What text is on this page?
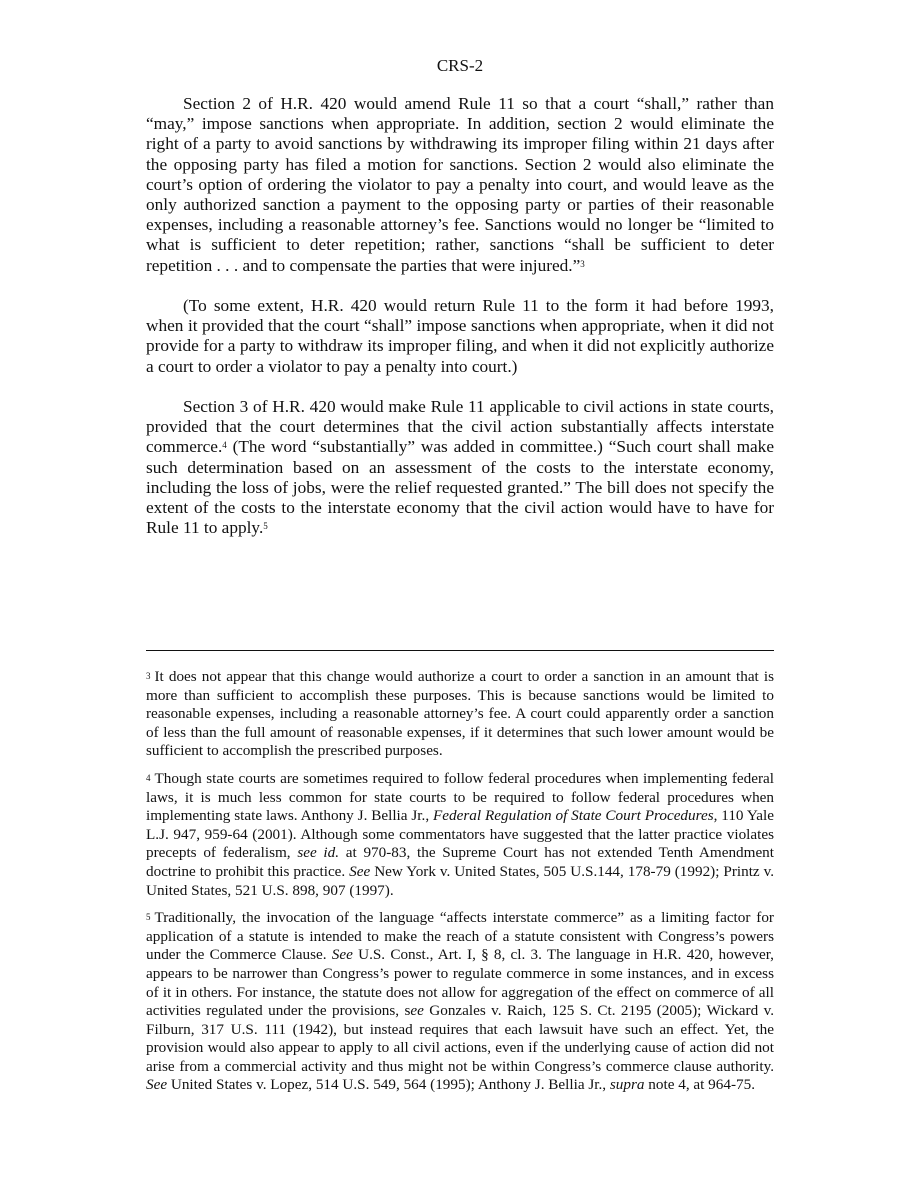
CRS-2

Section 2 of H.R. 420 would amend Rule 11 so that a court “shall,” rather than “may,” impose sanctions when appropriate. In addition, section 2 would eliminate the right of a party to avoid sanctions by withdrawing its improper filing within 21 days after the opposing party has filed a motion for sanctions. Section 2 would also eliminate the court’s option of ordering the violator to pay a penalty into court, and would leave as the only authorized sanction a payment to the opposing party or parties of their reasonable expenses, including a reasonable attorney’s fee. Sanctions would no longer be “limited to what is sufficient to deter repetition; rather, sanctions “shall be sufficient to deter repetition . . . and to compensate the parties that were injured.”$^3$

(To some extent, H.R. 420 would return Rule 11 to the form it had before 1993, when it provided that the court “shall” impose sanctions when appropriate, when it did not provide for a party to withdraw its improper filing, and when it did not explicitly authorize a court to order a violator to pay a penalty into court.)

Section 3 of H.R. 420 would make Rule 11 applicable to civil actions in state courts, provided that the court determines that the civil action substantially affects interstate commerce.$^4$ (The word “substantially” was added in committee.) “Such court shall make such determination based on an assessment of the costs to the interstate economy, including the loss of jobs, were the relief requested granted.” The bill does not specify the extent of the costs to the interstate economy that the civil action would have to have for Rule 11 to apply.$^5$

$^3$ It does not appear that this change would authorize a court to order a sanction in an amount that is more than sufficient to accomplish these purposes. This is because sanctions would be limited to reasonable expenses, including a reasonable attorney’s fee. A court could apparently order a sanction of less than the full amount of reasonable expenses, if it determines that such lower amount would be sufficient to accomplish the prescribed purposes.

$^4$ Though state courts are sometimes required to follow federal procedures when implementing federal laws, it is much less common for state courts to be required to follow federal procedures when implementing state laws. Anthony J. Bellia Jr., Federal Regulation of State Court Procedures, 110 Yale L.J. 947, 959-64 (2001). Although some commentators have suggested that the latter practice violates precepts of federalism, see id. at 970-83, the Supreme Court has not extended Tenth Amendment doctrine to prohibit this practice. See New York v. United States, 505 U.S.144, 178-79 (1992); Printz v. United States, 521 U.S. 898, 907 (1997).

$^5$ Traditionally, the invocation of the language “affects interstate commerce” as a limiting factor for application of a statute is intended to make the reach of a statute consistent with Congress’s powers under the Commerce Clause. See U.S. Const., Art. I, § 8, cl. 3. The language in H.R. 420, however, appears to be narrower than Congress’s power to regulate commerce in some instances, and in excess of it in others. For instance, the statute does not allow for aggregation of the effect on commerce of all activities regulated under the provisions, see Gonzales v. Raich, 125 S. Ct. 2195 (2005); Wickard v. Filburn, 317 U.S. 111 (1942), but instead requires that each lawsuit have such an effect. Yet, the provision would also appear to apply to all civil actions, even if the underlying cause of action did not arise from a commercial activity and thus might not be within Congress’s commerce clause authority. See United States v. Lopez, 514 U.S. 549, 564 (1995); Anthony J. Bellia Jr., supra note 4, at 964-75.
